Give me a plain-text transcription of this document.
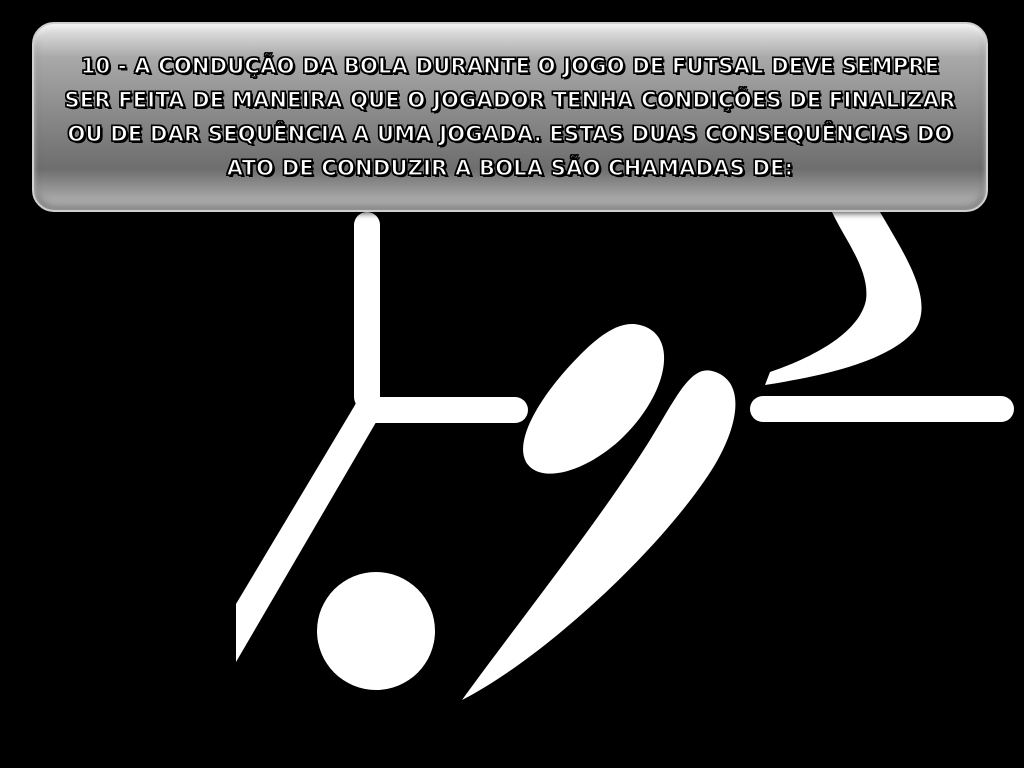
10 - A CONDUÇÃO DA BOLA DURANTE O JOGO DE FUTSAL DEVE SEMPRE SER FEITA DE MANEIRA QUE O JOGADOR TENHA CONDIÇÕES DE FINALIZAR OU DE DAR SEQUÊNCIA A UMA JOGADA. ESTAS DUAS CONSEQUÊNCIAS DO ATO DE CONDUZIR A BOLA SÃO CHAMADAS DE:
